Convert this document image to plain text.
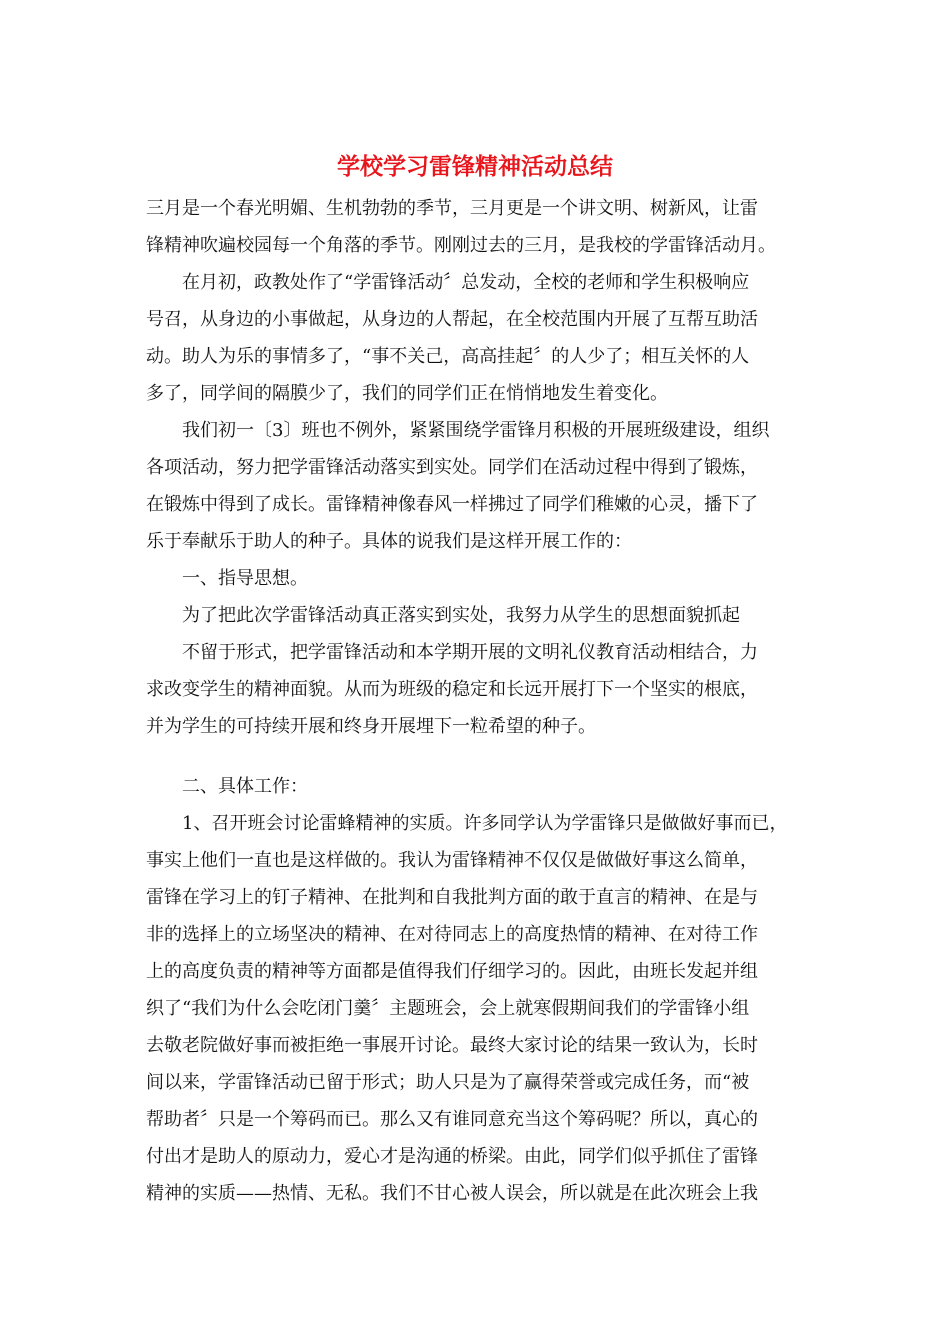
学校学习雷锋精神活动总结

三月是一个春光明媚、生机勃勃的季节，三月更是一个讲文明、树新风，让雷

锋精神吹遍校园每一个角落的季节。刚刚过去的三月，是我校的学雷锋活动月。

在月初，政教处作了“学雷锋活动〞总发动，全校的老师和学生积极响应

号召，从身边的小事做起，从身边的人帮起，在全校范围内开展了互帮互助活

动。助人为乐的事情多了，“事不关己，高高挂起〞的人少了；相互关怀的人

多了，同学间的隔膜少了，我们的同学们正在悄悄地发生着变化。

我们初一〔3〕班也不例外，紧紧围绕学雷锋月积极的开展班级建设，组织

各项活动，努力把学雷锋活动落实到实处。同学们在活动过程中得到了锻炼，

在锻炼中得到了成长。雷锋精神像春风一样拂过了同学们稚嫩的心灵，播下了

乐于奉献乐于助人的种子。具体的说我们是这样开展工作的：

一、指导思想。

为了把此次学雷锋活动真正落实到实处，我努力从学生的思想面貌抓起

不留于形式，把学雷锋活动和本学期开展的文明礼仪教育活动相结合，力

求改变学生的精神面貌。从而为班级的稳定和长远开展打下一个坚实的根底，

并为学生的可持续开展和终身开展埋下一粒希望的种子。

二、具体工作：

1、召开班会讨论雷蜂精神的实质。许多同学认为学雷锋只是做做好事而已，

事实上他们一直也是这样做的。我认为雷锋精神不仅仅是做做好事这么简单，

雷锋在学习上的钉子精神、在批判和自我批判方面的敢于直言的精神、在是与

非的选择上的立场坚决的精神、在对待同志上的高度热情的精神、在对待工作

上的高度负责的精神等方面都是值得我们仔细学习的。因此，由班长发起并组

织了“我们为什么会吃闭门羹〞主题班会，会上就寒假期间我们的学雷锋小组

去敬老院做好事而被拒绝一事展开讨论。最终大家讨论的结果一致认为，长时

间以来，学雷锋活动已留于形式；助人只是为了赢得荣誉或完成任务，而“被

帮助者〞只是一个筹码而已。那么又有谁同意充当这个筹码呢？所以，真心的

付出才是助人的原动力，爱心才是沟通的桥梁。由此，同学们似乎抓住了雷锋

精神的实质——热情、无私。我们不甘心被人误会，所以就是在此次班会上我
